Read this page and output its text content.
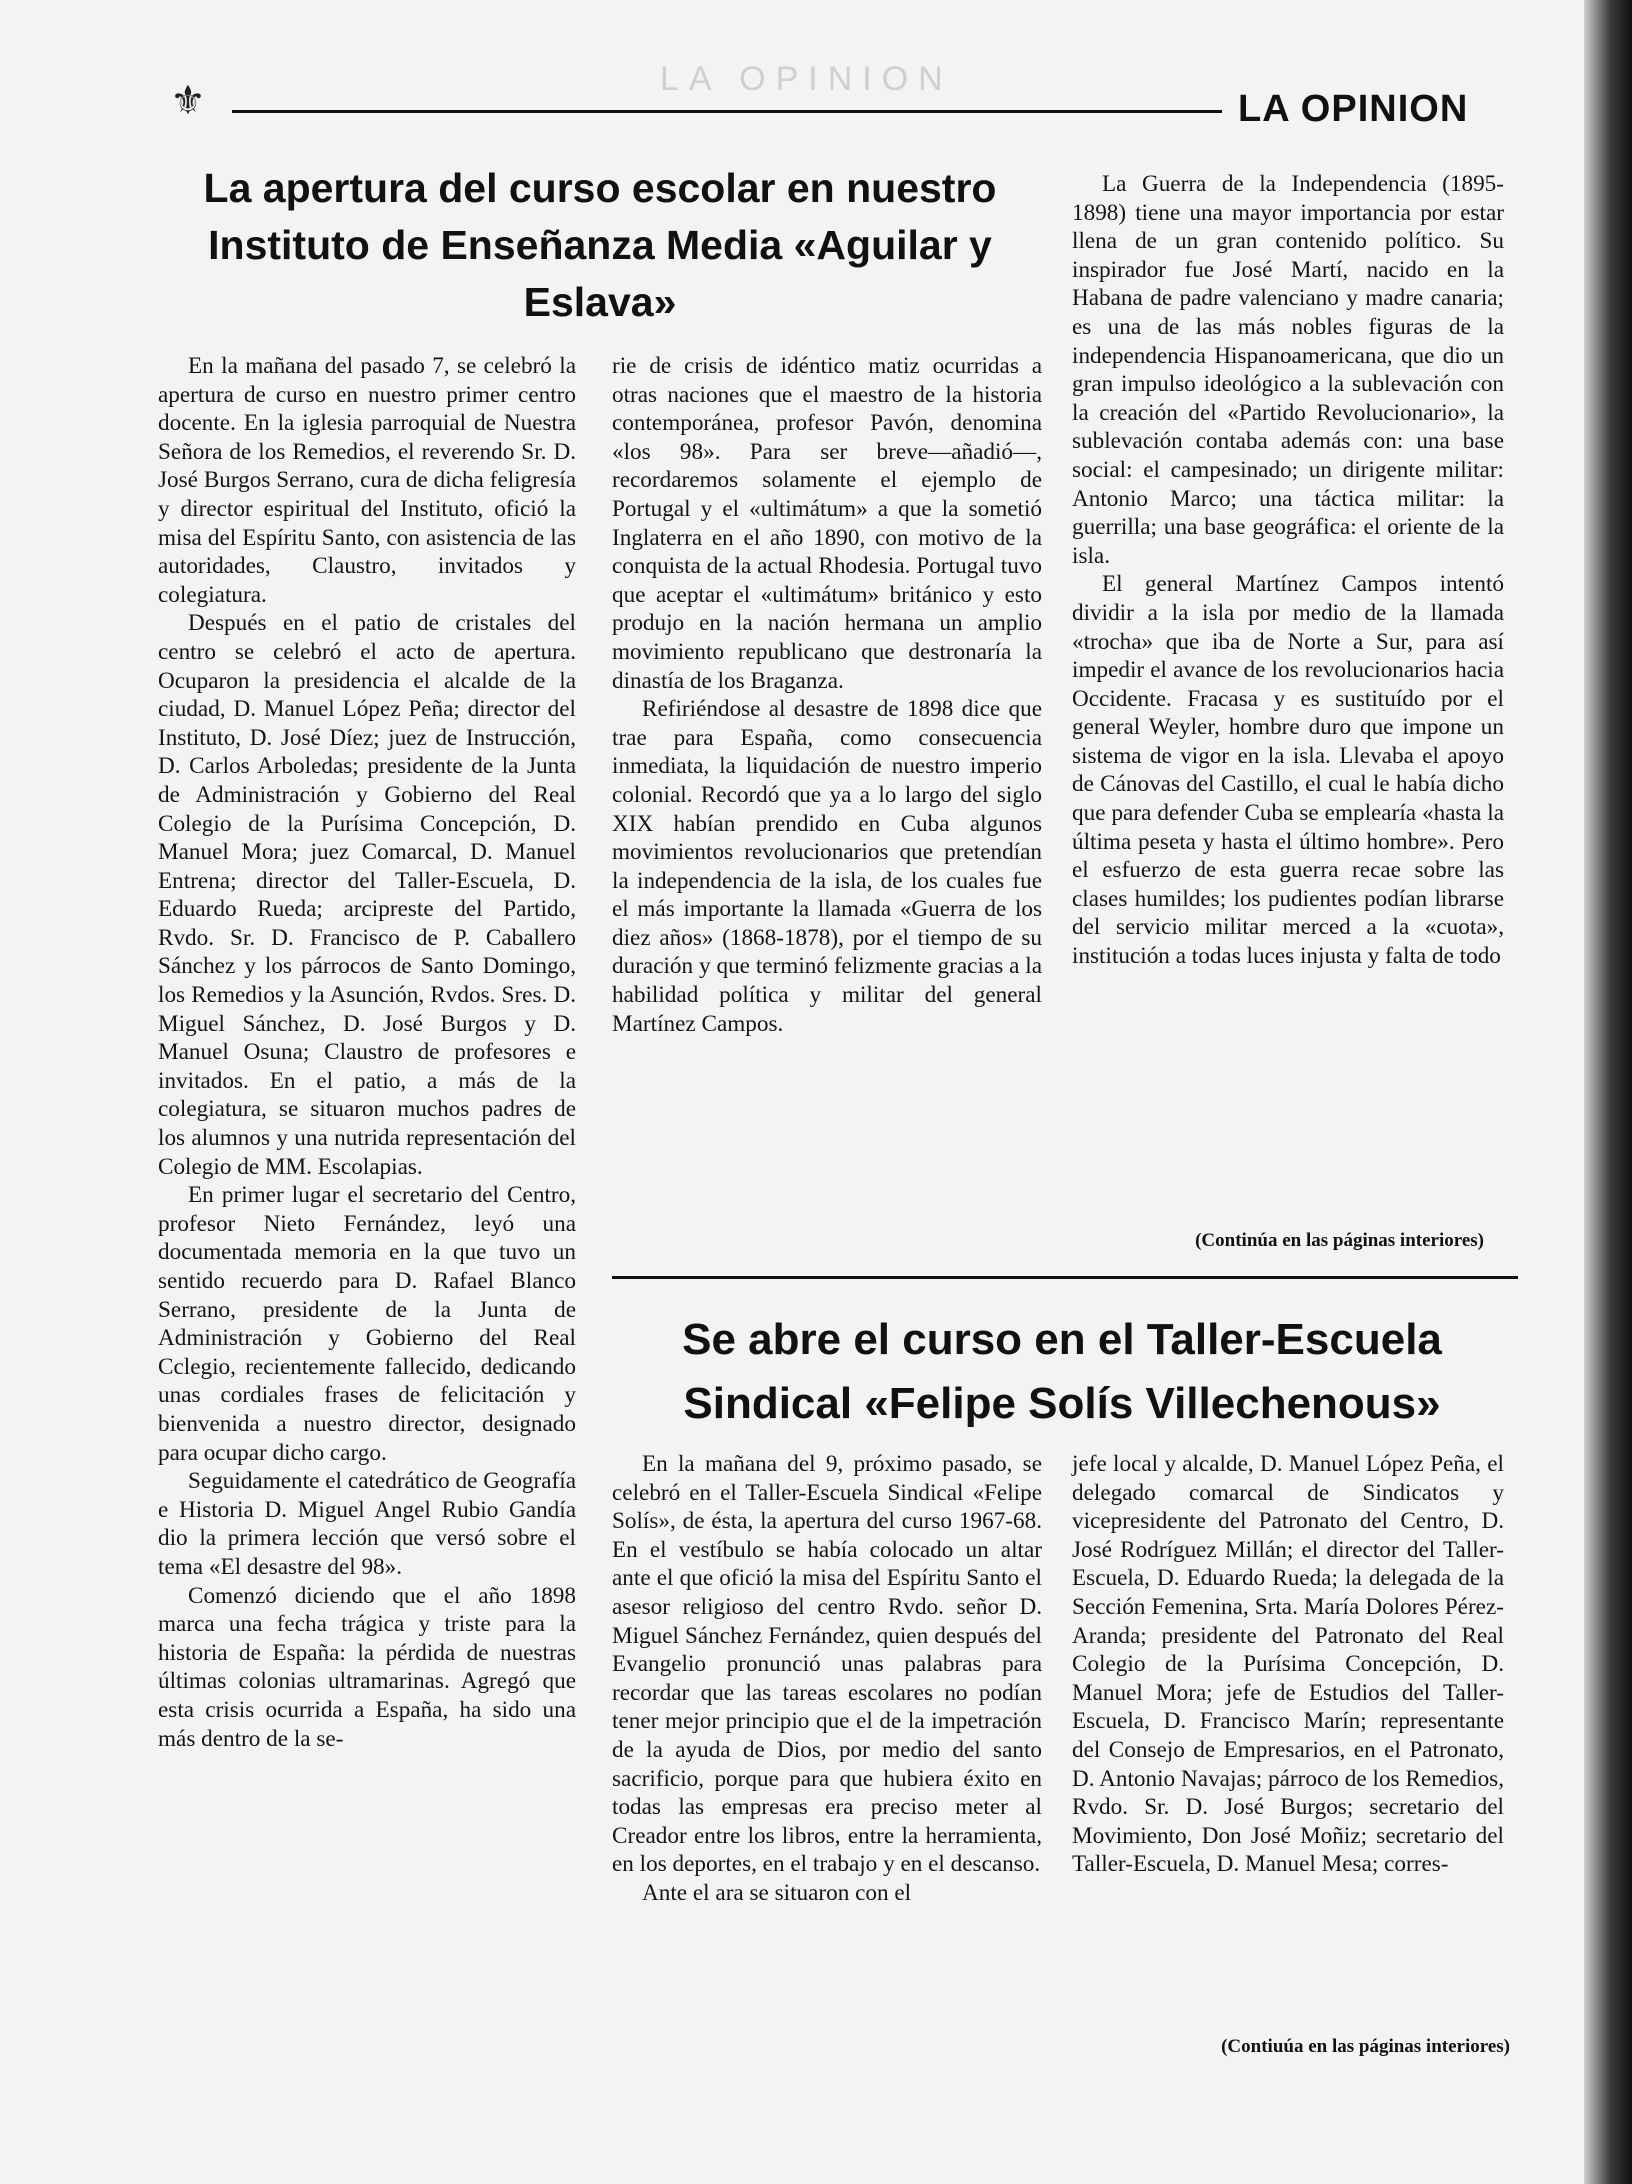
LA OPINION
⚜	LA OPINION
La apertura del curso escolar en nuestro Instituto de Enseñanza Media «Aguilar y Eslava»

En la mañana del pasado 7, se celebró la apertura de curso en nuestro primer centro docente. En la iglesia parroquial de Nuestra Señora de los Remedios, el reverendo Sr. D. José Burgos Serrano, cura de dicha feligresía y director espiritual del Instituto, ofició la misa del Espíritu Santo, con asistencia de las autoridades, Claustro, invitados y colegiatura.

Después en el patio de cristales del centro se celebró el acto de apertura. Ocuparon la presidencia el alcalde de la ciudad, D. Manuel López Peña; director del Instituto, D. José Díez; juez de Instrucción, D. Carlos Arboledas; presidente de la Junta de Administración y Gobierno del Real Colegio de la Purísima Concepción, D. Manuel Mora; juez Comarcal, D. Manuel Entrena; director del Taller-Escuela, D. Eduardo Rueda; arcipreste del Partido, Rvdo. Sr. D. Francisco de P. Caballero Sánchez y los párrocos de Santo Domingo, los Remedios y la Asunción, Rvdos. Sres. D. Miguel Sánchez, D. José Burgos y D. Manuel Osuna; Claustro de profesores e invitados. En el patio, a más de la colegiatura, se situaron muchos padres de los alumnos y una nutrida representación del Colegio de MM. Escolapias.

En primer lugar el secretario del Centro, profesor Nieto Fernández, leyó una documentada memoria en la que tuvo un sentido recuerdo para D. Rafael Blanco Serrano, presidente de la Junta de Administración y Gobierno del Real Cclegio, recientemente fallecido, dedicando unas cordiales frases de felicitación y bienvenida a nuestro director, designado para ocupar dicho cargo.

Seguidamente el catedrático de Geografía e Historia D. Miguel Angel Rubio Gandía dio la primera lección que versó sobre el tema «El desastre del 98».

Comenzó diciendo que el año 1898 marca una fecha trágica y triste para la historia de España: la pérdida de nuestras últimas colonias ultramarinas. Agregó que esta crisis ocurrida a España, ha sido una más dentro de la se-

rie de crisis de idéntico matiz ocurridas a otras naciones que el maestro de la historia contemporánea, profesor Pavón, denomina «los 98». Para ser breve—añadió—, recordaremos solamente el ejemplo de Portugal y el «ultimátum» a que la sometió Inglaterra en el año 1890, con motivo de la conquista de la actual Rhodesia. Portugal tuvo que aceptar el «ultimátum» británico y esto produjo en la nación hermana un amplio movimiento republicano que destronaría la dinastía de los Braganza.

Refiriéndose al desastre de 1898 dice que trae para España, como consecuencia inmediata, la liquidación de nuestro imperio colonial. Recordó que ya a lo largo del siglo XIX habían prendido en Cuba algunos movimientos revolucionarios que pretendían la independencia de la isla, de los cuales fue el más importante la llamada «Guerra de los diez años» (1868-1878), por el tiempo de su duración y que terminó felizmente gracias a la habilidad política y militar del general Martínez Campos.

La Guerra de la Independencia (1895-1898) tiene una mayor importancia por estar llena de un gran contenido político. Su inspirador fue José Martí, nacido en la Habana de padre valenciano y madre canaria; es una de las más nobles figuras de la independencia Hispanoamericana, que dio un gran impulso ideológico a la sublevación con la creación del «Partido Revolucionario», la sublevación contaba además con: una base social: el campesinado; un dirigente militar: Antonio Marco; una táctica militar: la guerrilla; una base geográfica: el oriente de la isla.

El general Martínez Campos intentó dividir a la isla por medio de la llamada «trocha» que iba de Norte a Sur, para así impedir el avance de los revolucionarios hacia Occidente. Fracasa y es sustituído por el general Weyler, hombre duro que impone un sistema de vigor en la isla. Llevaba el apoyo de Cánovas del Castillo, el cual le había dicho que para defender Cuba se emplearía «hasta la última peseta y hasta el último hombre». Pero el esfuerzo de esta guerra recae sobre las clases humildes; los pudientes podían librarse del servicio militar merced a la «cuota», institución a todas luces injusta y falta de todo

(Continúa en las páginas interiores)
Se abre el curso en el Taller-Escuela Sindical «Felipe Solís Villechenous»

En la mañana del 9, próximo pasado, se celebró en el Taller-Escuela Sindical «Felipe Solís», de ésta, la apertura del curso 1967-68. En el vestíbulo se había colocado un altar ante el que ofició la misa del Espíritu Santo el asesor religioso del centro Rvdo. señor D. Miguel Sánchez Fernández, quien después del Evangelio pronunció unas palabras para recordar que las tareas escolares no podían tener mejor principio que el de la impetración de la ayuda de Dios, por medio del santo sacrificio, porque para que hubiera éxito en todas las empresas era preciso meter al Creador entre los libros, entre la herramienta, en los deportes, en el trabajo y en el descanso.

Ante el ara se situaron con el

jefe local y alcalde, D. Manuel López Peña, el delegado comarcal de Sindicatos y vicepresidente del Patronato del Centro, D. José Rodríguez Millán; el director del Taller-Escuela, D. Eduardo Rueda; la delegada de la Sección Femenina, Srta. María Dolores Pérez-Aranda; presidente del Patronato del Real Colegio de la Purísima Concepción, D. Manuel Mora; jefe de Estudios del Taller-Escuela, D. Francisco Marín; representante del Consejo de Empresarios, en el Patronato, D. Antonio Navajas; párroco de los Remedios, Rvdo. Sr. D. José Burgos; secretario del Movimiento, Don José Moñiz; secretario del Taller-Escuela, D. Manuel Mesa; corres-

(Contiuúa en las páginas interiores)
